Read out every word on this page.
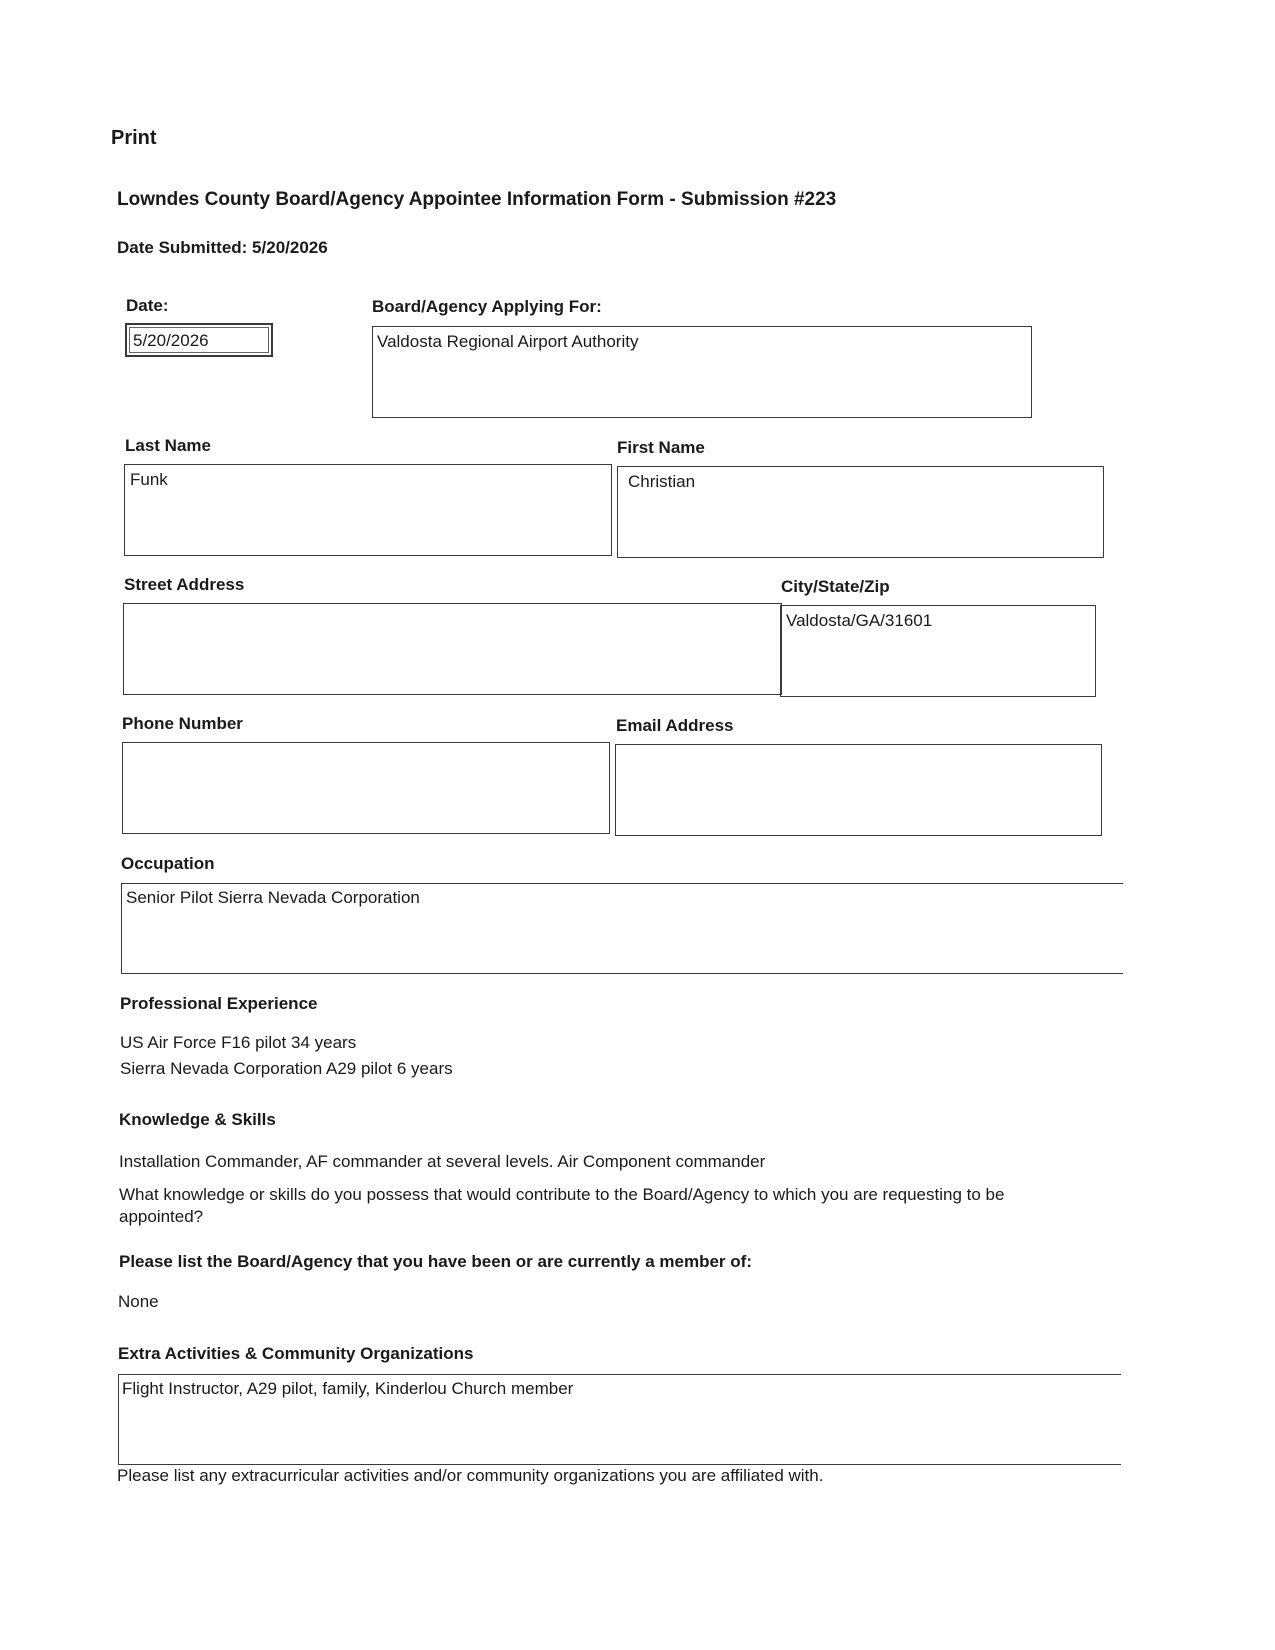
Print
Lowndes County Board/Agency Appointee Information Form - Submission #223
Date Submitted: 5/20/2026
Date:
5/20/2026
Board/Agency Applying For:
Valdosta Regional Airport Authority
Last Name
Funk
First Name
Christian
Street Address	City/State/Zip
Valdosta/GA/31601
Phone Number	Email Address
Occupation
Senior Pilot Sierra Nevada Corporation
Professional Experience
US Air Force F16 pilot 34 years
Sierra Nevada Corporation A29 pilot 6 years
Knowledge & Skills
Installation Commander, AF commander at several levels. Air Component commander
What knowledge or skills do you possess that would contribute to the Board/Agency to which you are requesting to be
appointed?
Please list the Board/Agency that you have been or are currently a member of:
None
Extra Activities & Community Organizations
Flight Instructor, A29 pilot, family, Kinderlou Church member
Please list any extracurricular activities and/or community organizations you are affiliated with.
